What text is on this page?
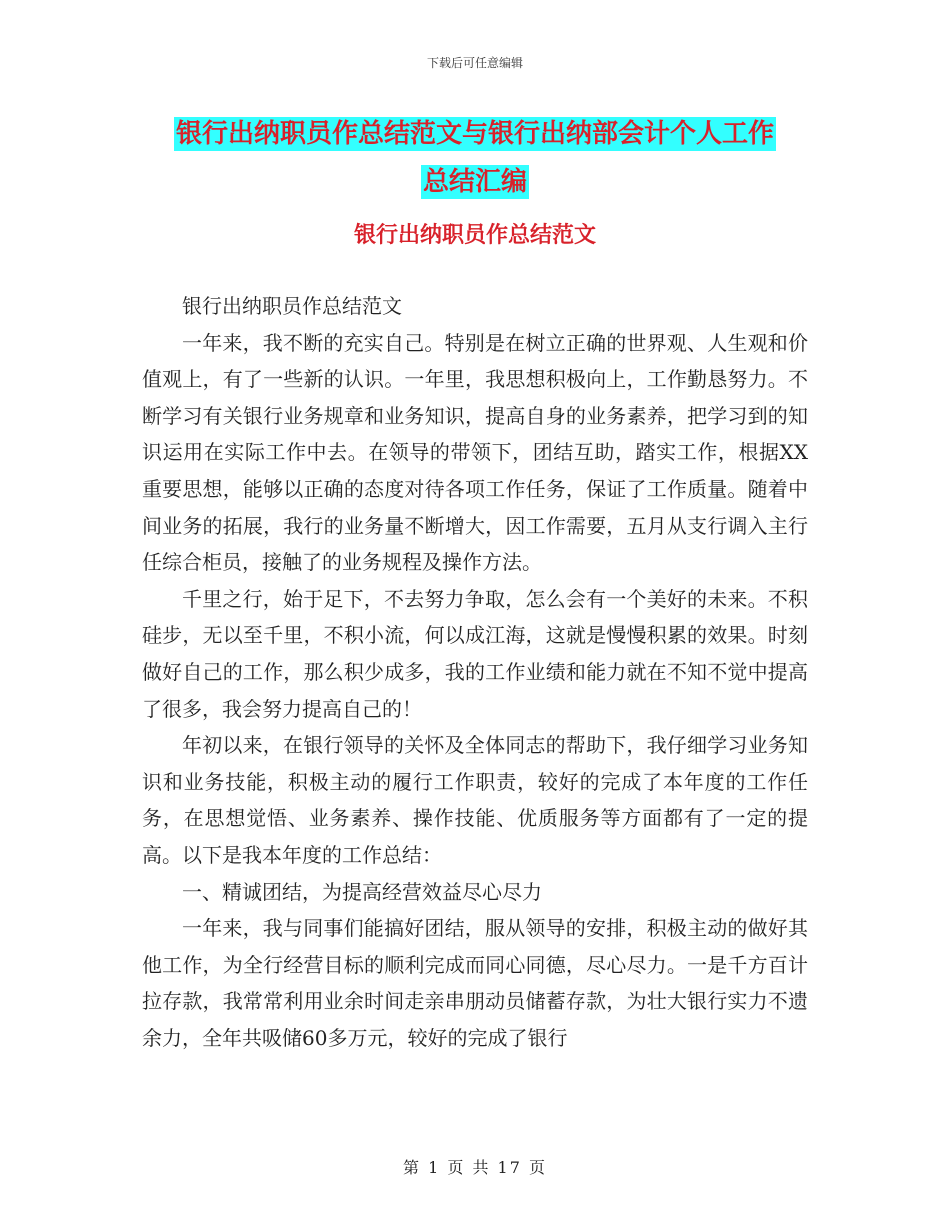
下载后可任意编辑
银行出纳职员作总结范文与银行出纳部会计个人工作
总结汇编
银行出纳职员作总结范文

银行出纳职员作总结范文

一年来，我不断的充实自己。特别是在树立正确的世界观、人生观和价值观上，有了一些新的认识。一年里，我思想积极向上，工作勤恳努力。不断学习有关银行业务规章和业务知识，提高自身的业务素养，把学习到的知识运用在实际工作中去。在领导的带领下，团结互助，踏实工作，根据XX重要思想，能够以正确的态度对待各项工作任务，保证了工作质量。随着中间业务的拓展，我行的业务量不断增大，因工作需要，五月从支行调入主行任综合柜员，接触了的业务规程及操作方法。

千里之行，始于足下，不去努力争取，怎么会有一个美好的未来。不积硅步，无以至千里，不积小流，何以成江海，这就是慢慢积累的效果。时刻做好自己的工作，那么积少成多，我的工作业绩和能力就在不知不觉中提高了很多，我会努力提高自己的！

年初以来，在银行领导的关怀及全体同志的帮助下，我仔细学习业务知识和业务技能，积极主动的履行工作职责，较好的完成了本年度的工作任务，在思想觉悟、业务素养、操作技能、优质服务等方面都有了一定的提高。以下是我本年度的工作总结：

一、精诚团结，为提高经营效益尽心尽力

一年来，我与同事们能搞好团结，服从领导的安排，积极主动的做好其他工作，为全行经营目标的顺利完成而同心同德，尽心尽力。一是千方百计拉存款，我常常利用业余时间走亲串朋动员储蓄存款，为壮大银行实力不遗余力，全年共吸储60多万元，较好的完成了银行

第 1 页 共 17 页
